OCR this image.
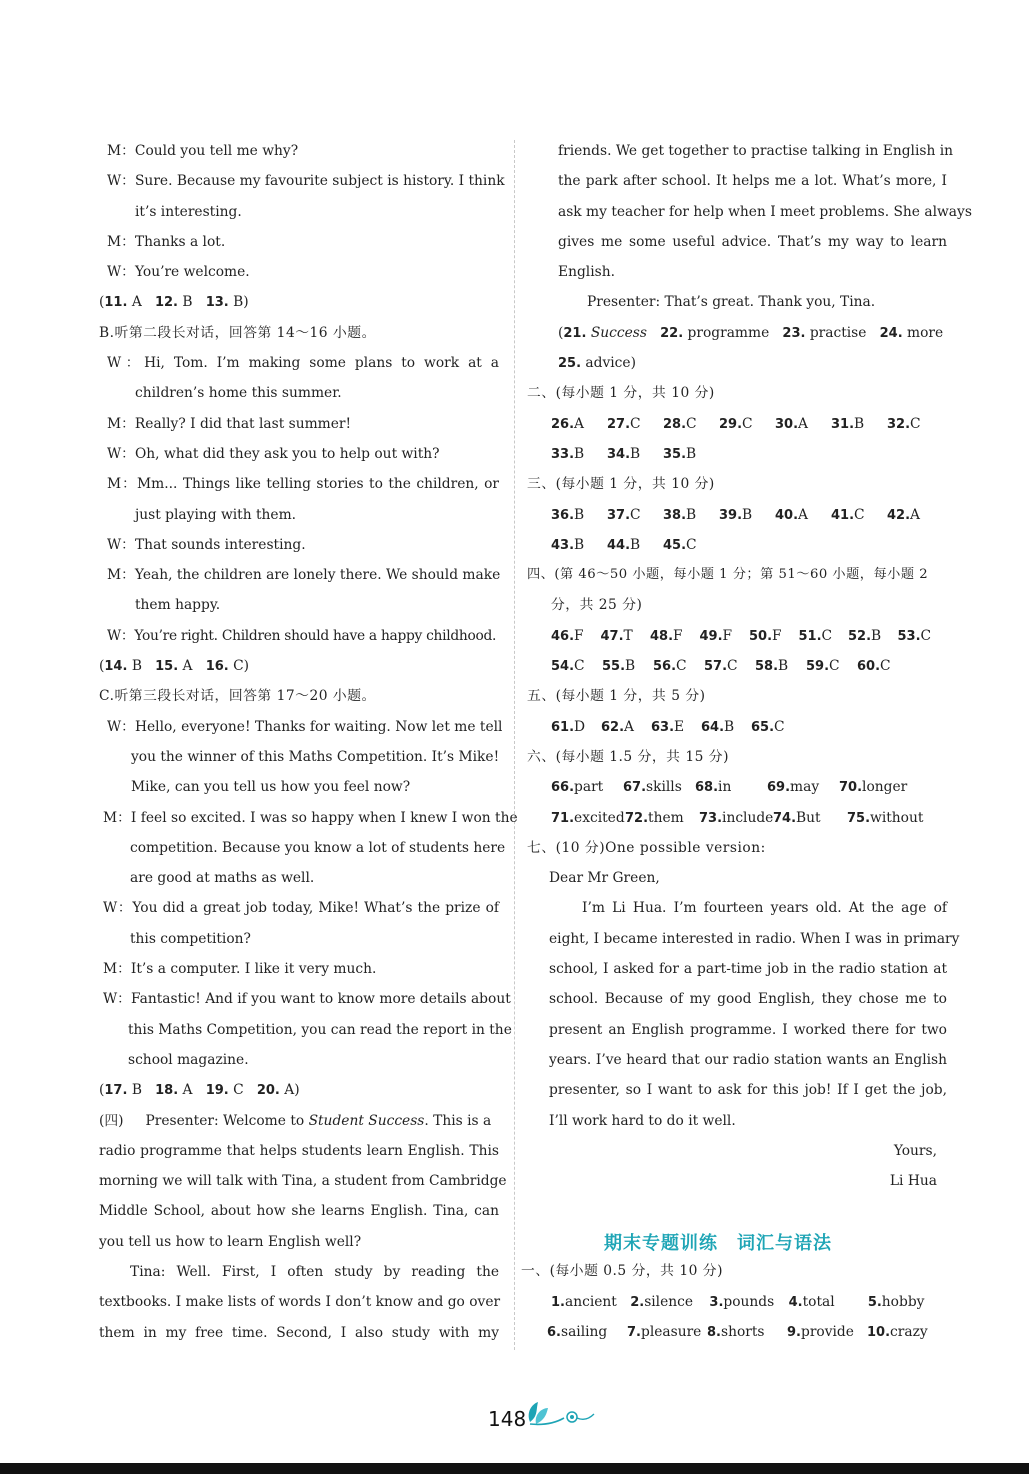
M：Could you tell me why?
W：Sure. Because my favourite subject is history. I think
it’s interesting.
M：Thanks a lot.
W：You’re welcome.
(11. A 12. B 13. B)
B.听第二段长对话，回答第 14～16 小题。
W：Hi, Tom. I’m making some plans to work at a
children’s home this summer.
M：Really? I did that last summer!
W：Oh, what did they ask you to help out with?
M：Mm... Things like telling stories to the children, or
just playing with them.
W：That sounds interesting.
M：Yeah, the children are lonely there. We should make
them happy.
W：You’re right. Children should have a happy childhood.
(14. B 15. A 16. C)
C.听第三段长对话，回答第 17～20 小题。
W：Hello, everyone! Thanks for waiting. Now let me tell
you the winner of this Maths Competition. It’s Mike!
Mike, can you tell us how you feel now?
M：I feel so excited. I was so happy when I knew I won the
competition. Because you know a lot of students here
are good at maths as well.
W：You did a great job today, Mike! What’s the prize of
this competition?
M：It’s a computer. I like it very much.
W：Fantastic! And if you want to know more details about
this Maths Competition, you can read the report in the
school magazine.
(17. B 18. A 19. C 20. A)
(四) Presenter: Welcome to Student Success. This is a
radio programme that helps students learn English. This
morning we will talk with Tina, a student from Cambridge
Middle School, about how she learns English. Tina, can
you tell us how to learn English well?
Tina: Well. First, I often study by reading the
textbooks. I make lists of words I don’t know and go over
them in my free time. Second, I also study with my
friends. We get together to practise talking in English in
the park after school. It helps me a lot. What’s more, I
ask my teacher for help when I meet problems. She always
gives me some useful advice. That’s my way to learn
English.
Presenter: That’s great. Thank you, Tina.
(21. Success 22. programme 23. practise 24. more
25. advice)
二、(每小题 1 分，共 10 分)
26.A	27.C	28.C	29.C	30.A	31.B	32.C
33.B	34.B	35.B
三、(每小题 1 分，共 10 分)
36.B	37.C	38.B	39.B	40.A	41.C	42.A
43.B	44.B	45.C
四、(第 46～50 小题，每小题 1 分；第 51～60 小题，每小题 2
分，共 25 分)
46.F	47.T	48.F	49.F	50.F	51.C	52.B	53.C
54.C	55.B	56.C	57.C	58.B	59.C	60.C
五、(每小题 1 分，共 5 分)
61.D	62.A	63.E	64.B	65.C
六、(每小题 1.5 分，共 15 分)
66.part	67.skills	68.in	69.may	70.longer
71.excited 72.them	73.include 74.But	75.without
七、(10 分)One possible version:
Dear Mr Green,
I’m Li Hua. I’m fourteen years old. At the age of
eight, I became interested in radio. When I was in primary
school, I asked for a part-time job in the radio station at
school. Because of my good English, they chose me to
present an English programme. I worked there for two
years. I’ve heard that our radio station wants an English
presenter, so I want to ask for this job! If I get the job,
I’ll work hard to do it well.
Yours,
Li Hua
一、(每小题 0.5 分，共 10 分)
1.ancient	2.silence	3.pounds	4.total	5.hobby
6.sailing	7.pleasure 8.shorts	9.provide	10.crazy
期末专题训练　词汇与语法
148
